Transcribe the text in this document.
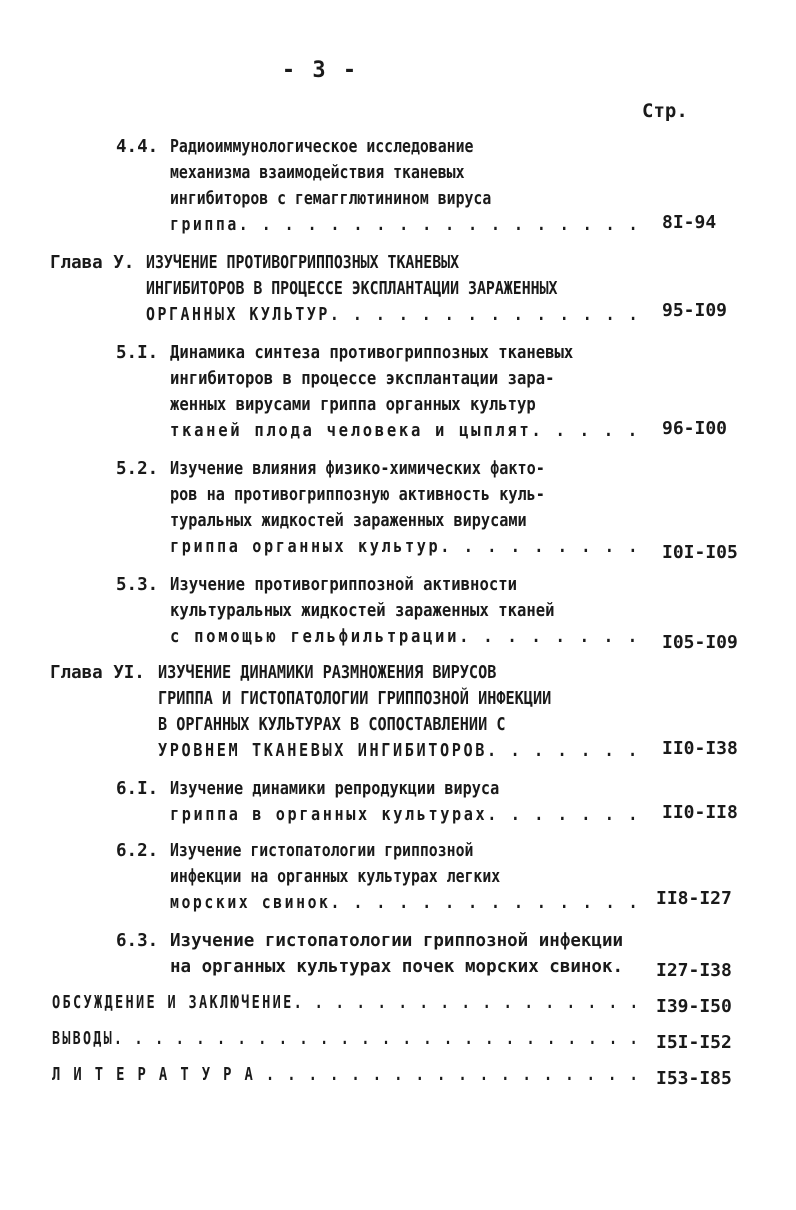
- 3 -
Стр.
4.4. Радиоиммунологическое исследование
механизма взаимодействия тканевых
ингибиторов с гемагглютинином вируса
гриппа. . . . . . . . . . . . . . . . . . 8I-94
Глава У. ИЗУЧЕНИЕ ПРОТИВОГРИППОЗНЫХ ТКАНЕВЫХ
ИНГИБИТОРОВ В ПРОЦЕССЕ ЭКСПЛАНТАЦИИ ЗАРАЖЕННЫХ
ОРГАННЫХ КУЛЬТУР. . . . . . . . . . . . . . 95-I09
5.I. Динамика синтеза противогриппозных тканевых
ингибиторов в процессе эксплантации зара-
женных вирусами гриппа органных культур
тканей плода человека и цыплят. . . . . 96-I00
5.2. Изучение влияния физико-химических факто-
ров на противогриппозную активность куль-
туральных жидкостей зараженных вирусами
гриппа органных культур. . . . . . . . . I0I-I05
5.3. Изучение противогриппозной активности
культуральных жидкостей зараженных тканей
с помощью гельфильтрации. . . . . . . . I05-I09
Глава УI. ИЗУЧЕНИЕ ДИНАМИКИ РАЗМНОЖЕНИЯ ВИРУСОВ
ГРИППА И ГИСТОПАТОЛОГИИ ГРИППОЗНОЙ ИНФЕКЦИИ
В ОРГАННЫХ КУЛЬТУРАХ В СОПОСТАВЛЕНИИ С
УРОВНЕМ ТКАНЕВЫХ ИНГИБИТОРОВ. . . . . . . II0-I38
6.I. Изучение динамики репродукции вируса
гриппа в органных культурах. . . . . . . II0-II8
6.2. Изучение гистопатологии гриппозной
инфекции на органных культурах легких
морских свинок. . . . . . . . . . . . . . II8-I27
6.3. Изучение гистопатологии гриппозной инфекции
на органных культурах почек морских свинок. I27-I38
ОБСУЖДЕНИЕ И ЗАКЛЮЧЕНИЕ. . . . . . . . . . . . . . . . . I39-I50
ВЫВОДЫ. . . . . . . . . . . . . . . . . . . . . . . . . . I5I-I52
Л И Т Е Р А Т У Р А . . . . . . . . . . . . . . . . . . I53-I85
